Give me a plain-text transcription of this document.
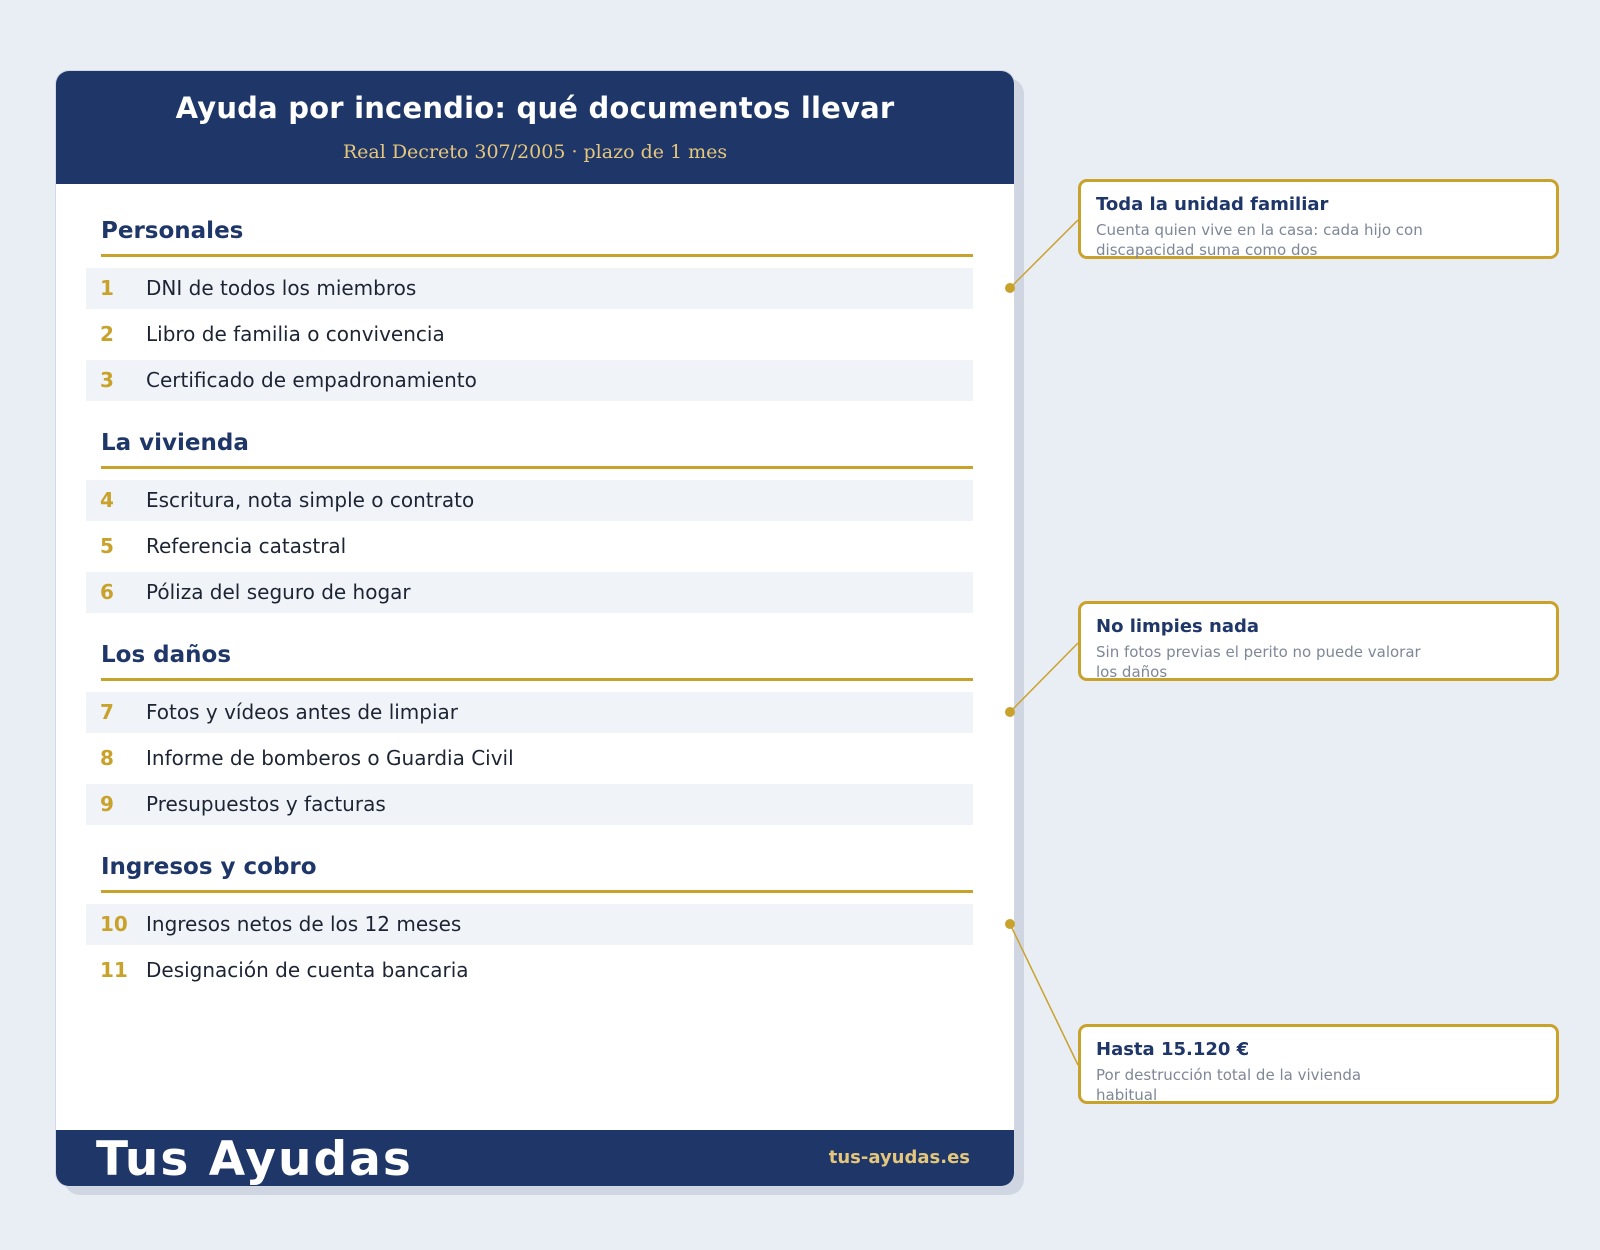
Ayuda por incendio: qué documentos llevar
Real Decreto 307/2005 · plazo de 1 mes
Personales
1 DNI de todos los miembros
2 Libro de familia o convivencia
3 Certificado de empadronamiento
La vivienda
4 Escritura, nota simple o contrato
5 Referencia catastral
6 Póliza del seguro de hogar
Los daños
7 Fotos y vídeos antes de limpiar
8 Informe de bomberos o Guardia Civil
9 Presupuestos y facturas
Ingresos y cobro
10 Ingresos netos de los 12 meses
11 Designación de cuenta bancaria
Tus Ayudas	tus-ayudas.es
Toda la unidad familiar
Cuenta quien vive en la casa: cada hijo con discapacidad suma como dos
No limpies nada
Sin fotos previas el perito no puede valorar los daños
Hasta 15.120 €
Por destrucción total de la vivienda habitual
